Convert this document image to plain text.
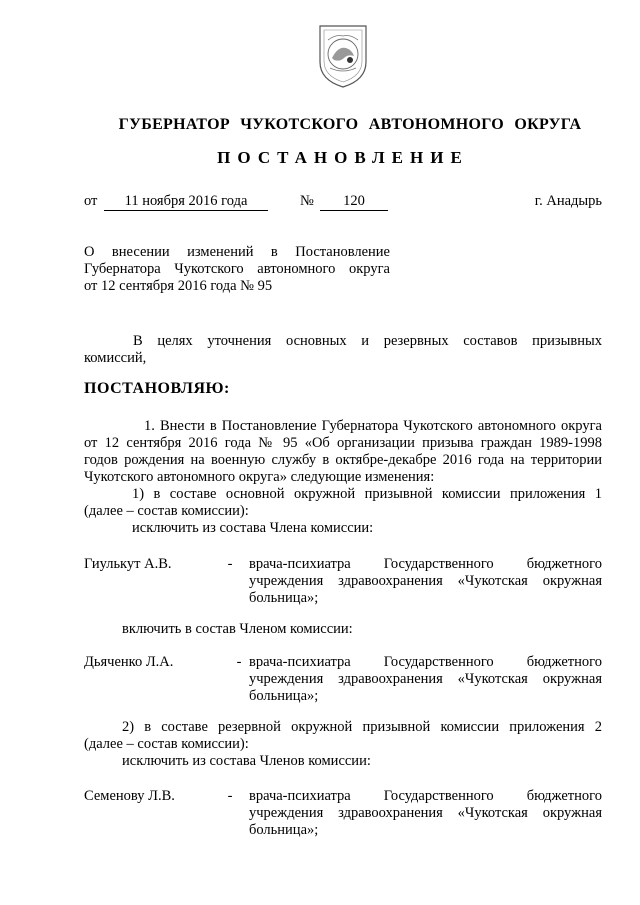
ГУБЕРНАТОР ЧУКОТСКОГО АВТОНОМНОГО ОКРУГА
ПОСТАНОВЛЕНИЕ
от	11 ноября 2016 года	№	120	г. Анадырь

О внесении изменений в Постановление

Губернатора Чукотского автономного округа

от 12 сентября 2016 года № 95

В целях уточнения основных и резервных составов призывных

комиссий,

ПОСТАНОВЛЯЮ:

1. Внести в Постановление Губернатора Чукотского автономного округа

от 12 сентября 2016 года № 95 «Об организации призыва граждан 1989-1998

годов рождения на военную службу в октябре-декабре 2016 года на территории

Чукотского автономного округа» следующие изменения:

1) в составе основной окружной призывной комиссии приложения 1

(далее – состав комиссии):

исключить из состава Члена комиссии:

Гиулькут А.В.	-	врача-психиатра Государственного бюджетного

учреждения здравоохранения «Чукотская окружная

больница»;

включить в состав Членом комиссии:
Дьяченко Л.А.	- врача-психиатра Государственного бюджетного

учреждения здравоохранения «Чукотская окружная

больница»;

2) в составе резервной окружной призывной комиссии приложения 2

(далее – состав комиссии):

исключить из состава Членов комиссии:

Семенову Л.В.	-	врача-психиатра Государственного бюджетного

учреждения здравоохранения «Чукотская окружная

больница»;
